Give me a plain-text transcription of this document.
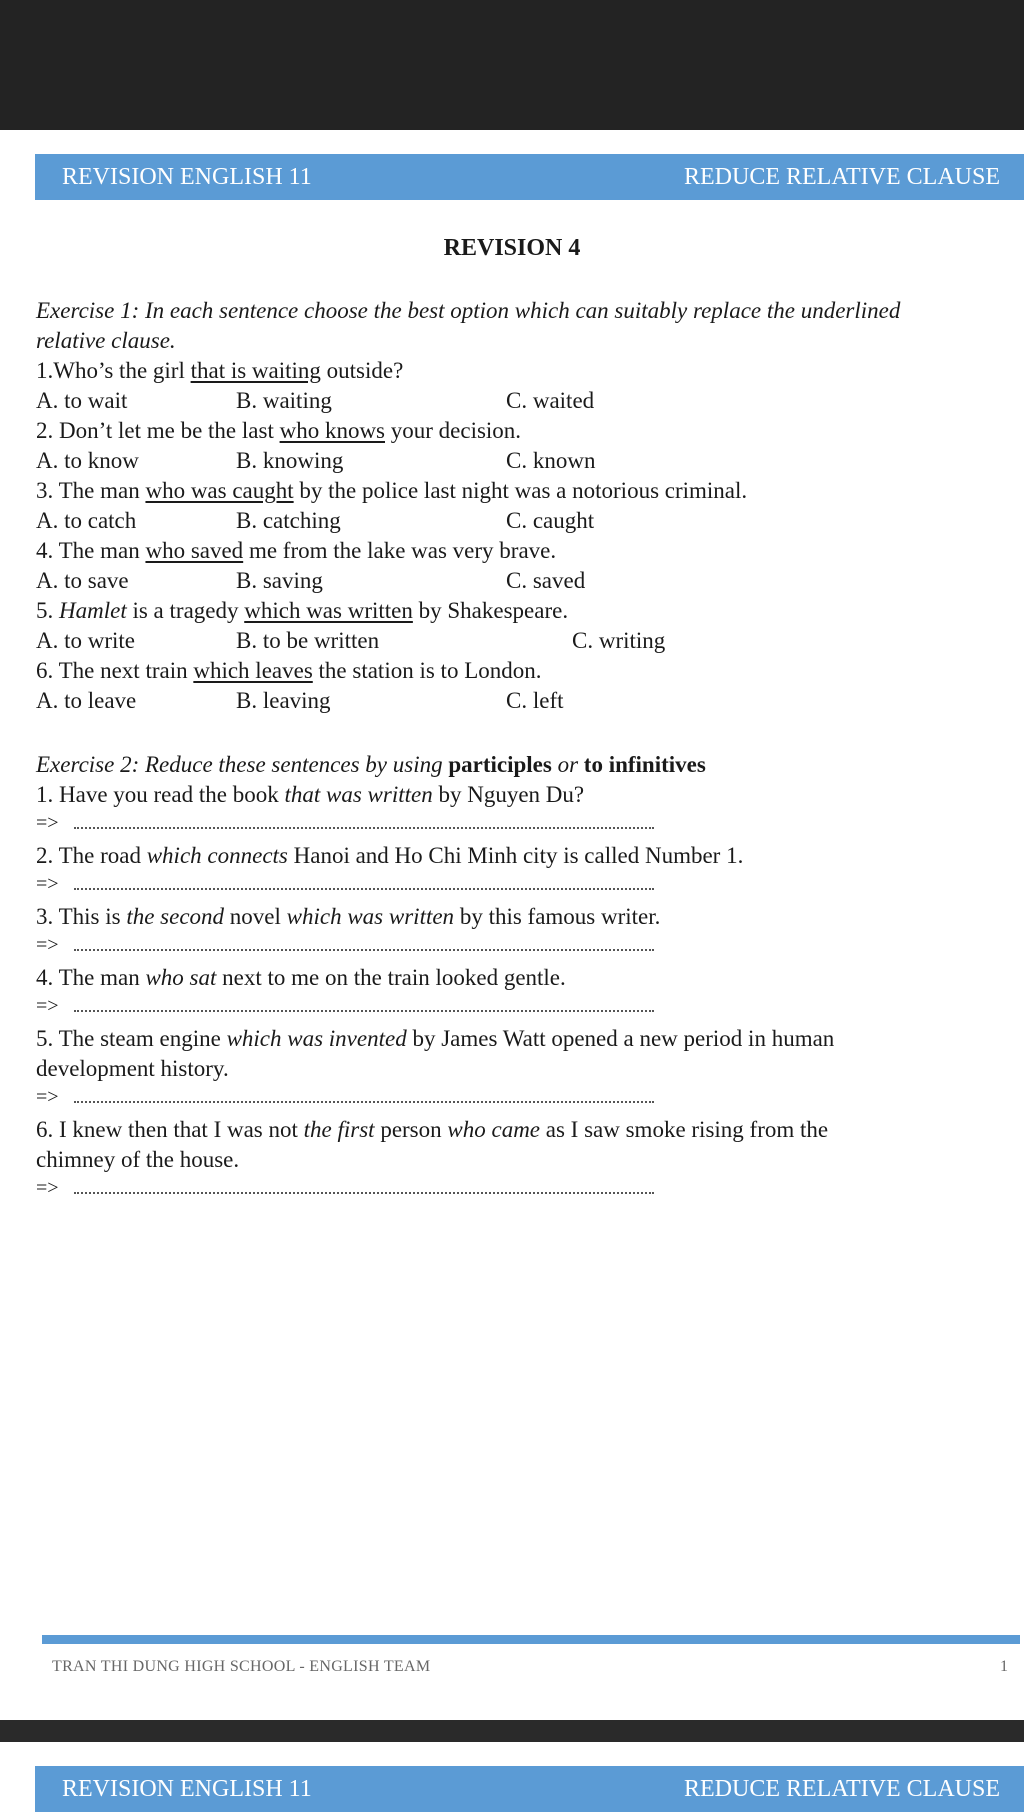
REVISION ENGLISH 11	REDUCE RELATIVE CLAUSE
REVISION 4
Exercise 1: In each sentence choose the best option which can suitably replace the underlined
relative clause.
1.Who’s the girl that is waiting outside?
A. to wait	B. waiting	C. waited
2. Don’t let me be the last who knows your decision.
A. to know	B. knowing	C. known
3. The man who was caught by the police last night was a notorious criminal.
A. to catch	B. catching	C. caught
4. The man who saved me from the lake was very brave.
A. to save	B. saving	C. saved
5. Hamlet is a tragedy which was written by Shakespeare.
A. to write	B. to be written	C. writing
6. The next train which leaves the station is to London.
A. to leave	B. leaving	C. left
Exercise 2: Reduce these sentences by using participles or to infinitives
1. Have you read the book that was written by Nguyen Du?
=>
2. The road which connects Hanoi and Ho Chi Minh city is called Number 1.
=>
3. This is the second novel which was written by this famous writer.
=>
4. The man who sat next to me on the train looked gentle.
=>
5. The steam engine which was invented by James Watt opened a new period in human
development history.
=>
6. I knew then that I was not the first person who came as I saw smoke rising from the
chimney of the house.
=>
TRAN THI DUNG HIGH SCHOOL - ENGLISH TEAM	1
REVISION ENGLISH 11	REDUCE RELATIVE CLAUSE
